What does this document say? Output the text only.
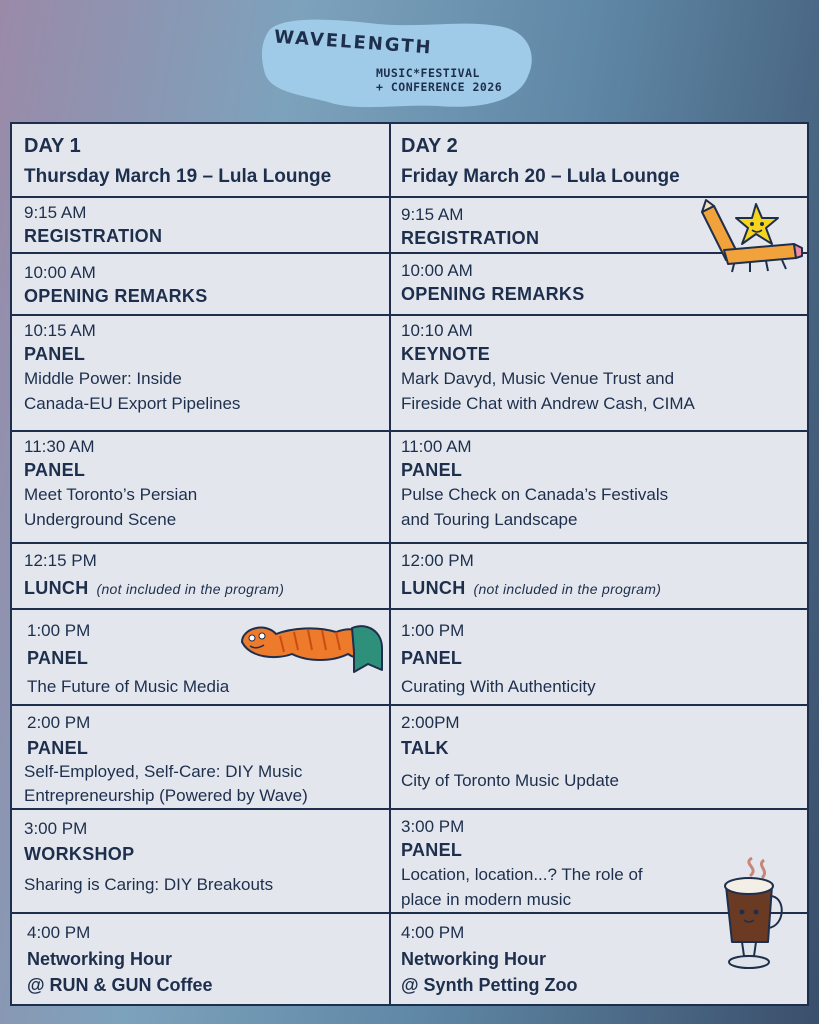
WAVELENGTH
MUSIC*FESTIVAL
+ CONFERENCE 2026
DAY 1
Thursday March 19 – Lula Lounge
DAY 2
Friday March 20 – Lula Lounge
9:15 AM
REGISTRATION
9:15 AM
REGISTRATION
10:00 AM
OPENING REMARKS
10:00 AM
OPENING REMARKS
10:15 AM
PANEL
Middle Power: Inside
Canada-EU Export Pipelines
10:10 AM
KEYNOTE
Mark Davyd, Music Venue Trust and
Fireside Chat with Andrew Cash, CIMA
11:30 AM
PANEL
Meet Toronto’s Persian
Underground Scene
11:00 AM
PANEL
Pulse Check on Canada’s Festivals
and Touring Landscape
12:15 PM
LUNCH (not included in the program)
12:00 PM
LUNCH (not included in the program)
1:00 PM
PANEL
The Future of Music Media
1:00 PM
PANEL
Curating With Authenticity
2:00 PM
PANEL
Self-Employed, Self-Care: DIY Music
Entrepreneurship (Powered by Wave)
2:00PM
TALK
City of Toronto Music Update
3:00 PM
WORKSHOP
Sharing is Caring: DIY Breakouts
3:00 PM
PANEL
Location, location...? The role of
place in modern music
4:00 PM
Networking Hour
@ RUN & GUN Coffee
4:00 PM
Networking Hour
@ Synth Petting Zoo
